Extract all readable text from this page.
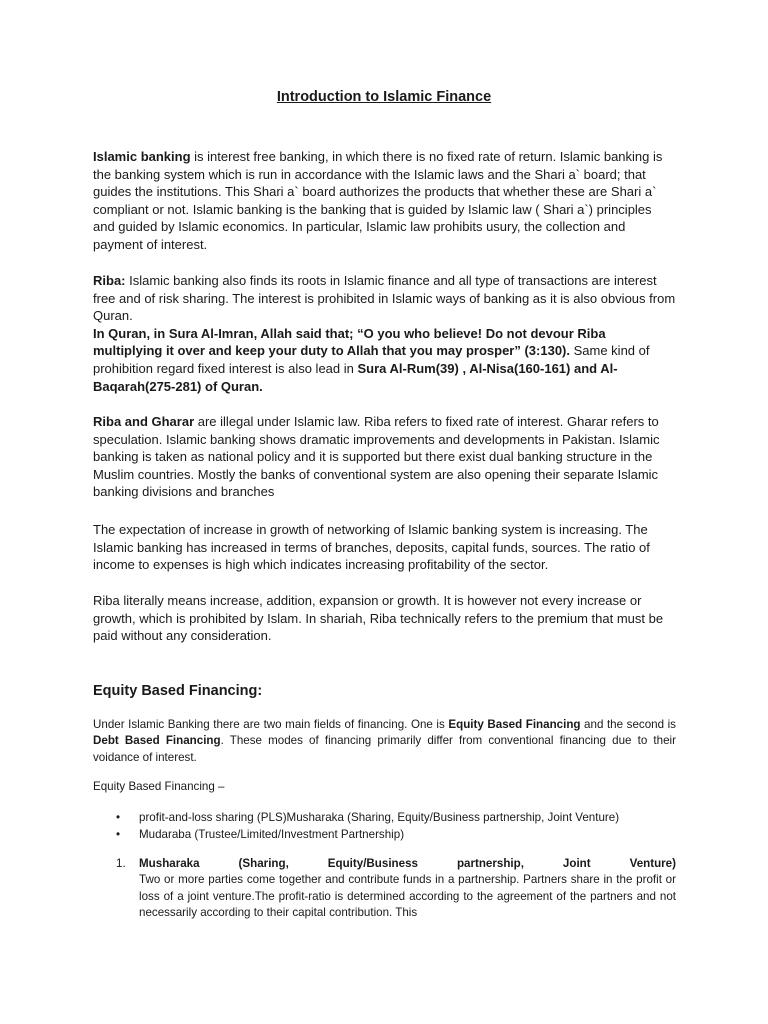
Introduction to Islamic Finance

Islamic banking is interest free banking, in which there is no fixed rate of return. Islamic banking is the banking system which is run in accordance with the Islamic laws and the Shari a` board; that guides the institutions. This Shari a` board authorizes the products that whether these are Shari a` compliant or not. Islamic banking is the banking that is guided by Islamic law ( Shari a`) principles and guided by Islamic economics. In particular, Islamic law prohibits usury, the collection and payment of interest.

Riba: Islamic banking also finds its roots in Islamic finance and all type of transactions are interest free and of risk sharing. The interest is prohibited in Islamic ways of banking as it is also obvious from Quran.
In Quran, in Sura Al-Imran, Allah said that; “O you who believe! Do not devour Riba multiplying it over and keep your duty to Allah that you may prosper” (3:130). Same kind of prohibition regard fixed interest is also lead in Sura Al-Rum(39) , Al-Nisa(160-161) and Al-Baqarah(275-281) of Quran.

Riba and Gharar are illegal under Islamic law. Riba refers to fixed rate of interest. Gharar refers to speculation. Islamic banking shows dramatic improvements and developments in Pakistan. Islamic banking is taken as national policy and it is supported but there exist dual banking structure in the Muslim countries. Mostly the banks of conventional system are also opening their separate Islamic banking divisions and branches

The expectation of increase in growth of networking of Islamic banking system is increasing. The Islamic banking has increased in terms of branches, deposits, capital funds, sources. The ratio of income to expenses is high which indicates increasing profitability of the sector.

Riba literally means increase, addition, expansion or growth. It is however not every increase or growth, which is prohibited by Islam. In shariah, Riba technically refers to the premium that must be paid without any consideration.

Equity Based Financing:

Under Islamic Banking there are two main fields of financing. One is Equity Based Financing and the second is Debt Based Financing. These modes of financing primarily differ from conventional financing due to their voidance of interest.

Equity Based Financing –

• profit-and-loss sharing (PLS)Musharaka (Sharing, Equity/Business partnership, Joint Venture)
• Mudaraba (Trustee/Limited/Investment Partnership)
1. Musharaka (Sharing, Equity/Business partnership, Joint Venture)
Two or more parties come together and contribute funds in a partnership. Partners share in the profit or loss of a joint venture.The profit-ratio is determined according to the agreement of the partners and not necessarily according to their capital contribution. This
